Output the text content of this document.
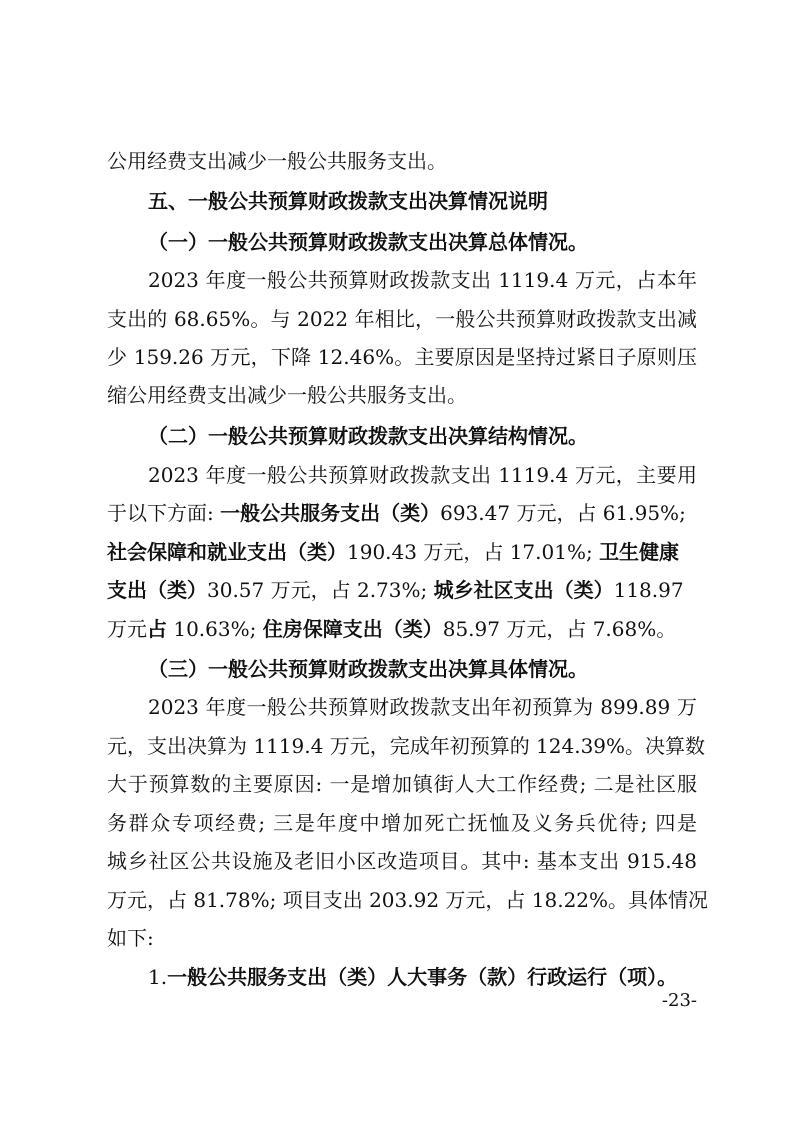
公用经费支出减少一般公共服务支出。
五、一般公共预算财政拨款支出决算情况说明
（一）一般公共预算财政拨款支出决算总体情况。
2023 年度一般公共预算财政拨款支出 1119.4 万元，占本年
支出的 68.65%。与 2022 年相比，一般公共预算财政拨款支出减
少 159.26 万元，下降 12.46%。主要原因是坚持过紧日子原则压
缩公用经费支出减少一般公共服务支出。
（二）一般公共预算财政拨款支出决算结构情况。
2023 年度一般公共预算财政拨款支出 1119.4 万元，主要用
于以下方面: 一般公共服务支出（类）693.47 万元，占 61.95%;
社会保障和就业支出（类）190.43 万元，占 17.01%; 卫生健康
支出（类）30.57 万元，占 2.73%; 城乡社区支出（类）118.97
万元占 10.63%; 住房保障支出（类）85.97 万元，占 7.68%。
（三）一般公共预算财政拨款支出决算具体情况。
2023 年度一般公共预算财政拨款支出年初预算为 899.89 万
元，支出决算为 1119.4 万元，完成年初预算的 124.39%。决算数
大于预算数的主要原因: 一是增加镇街人大工作经费; 二是社区服
务群众专项经费; 三是年度中增加死亡抚恤及义务兵优待; 四是
城乡社区公共设施及老旧小区改造项目。其中: 基本支出 915.48
万元，占 81.78%; 项目支出 203.92 万元，占 18.22%。具体情况
如下:
1.一般公共服务支出（类）人大事务（款）行政运行（项）。
-23-
